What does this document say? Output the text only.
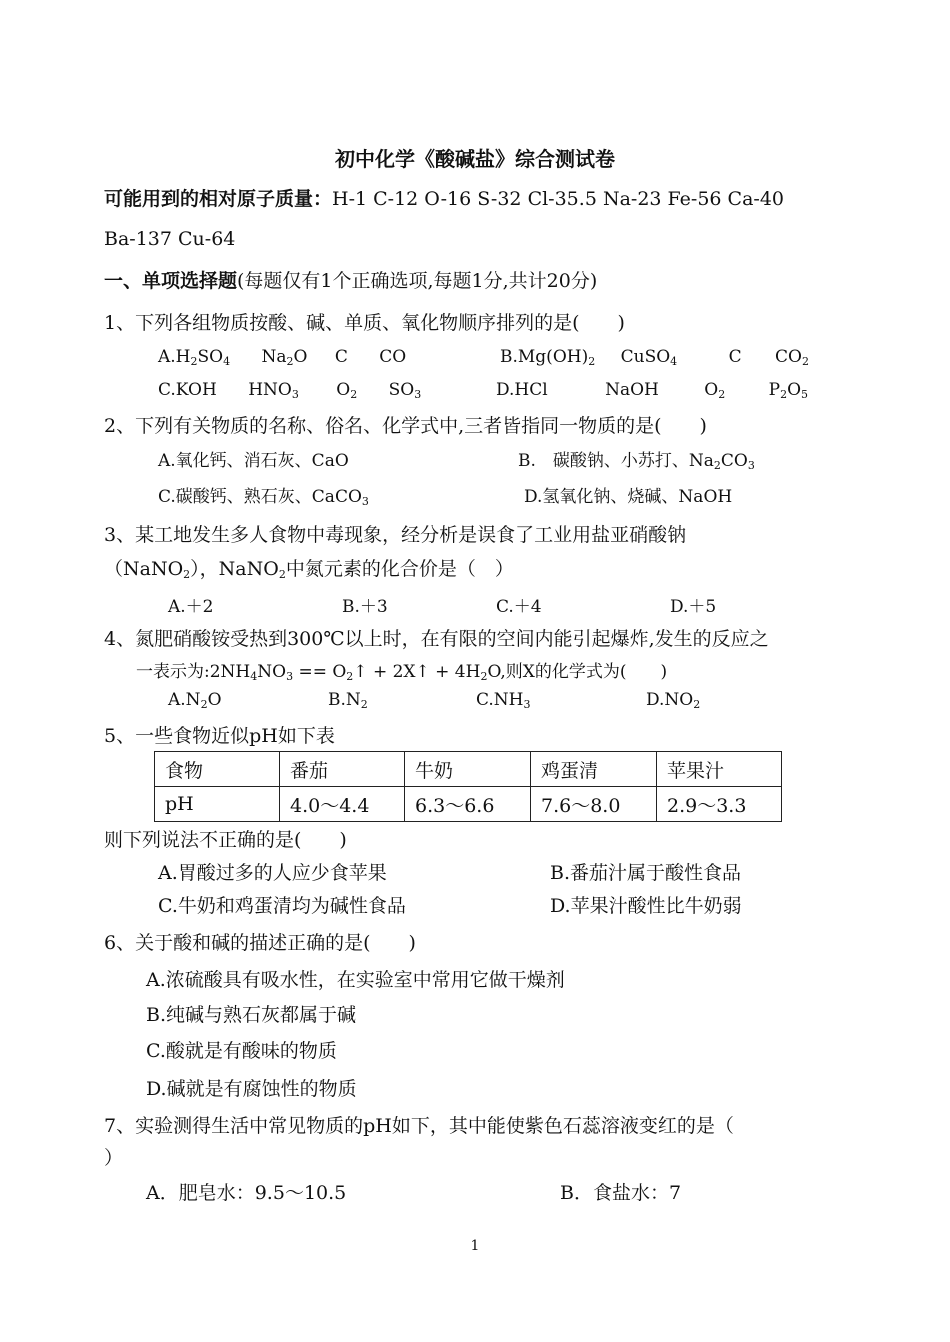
初中化学《酸碱盐》综合测试卷
可能用到的相对原子质量：H-1 C-12 O-16 S-32 Cl-35.5 Na-23 Fe-56 Ca-40
Ba-137 Cu-64
一、单项选择题(每题仅有1个正确选项,每题1分,共计20分)
1、下列各组物质按酸、碱、单质、氧化物顺序排列的是(　　)
$A.H_2SO_4$ $Na_2O$ C CO	$B.Mg(OH)_2$ CuSO$_4$	C $CO_2$
C.KOH $HNO_3$ $O_2$ $SO_3$	D.HCl	NaOH	$O_2$	$P_2O_5$
2、下列有关物质的名称、俗名、化学式中,三者皆指同一物质的是(　　)
A.氧化钙、消石灰、CaO	B.　碳酸钠、小苏打、$Na_2CO_3$
C.碳酸钙、熟石灰、CaCO$_3$	D.氢氧化钠、烧碱、NaOH
3、某工地发生多人食物中毒现象，经分析是误食了工业用盐亚硝酸钠
（NaNO$_2$），NaNO$_2$中氮元素的化合价是（　）
A.＋2	B.＋3	C.＋4	D.＋5
4、氮肥硝酸铵受热到300℃以上时，在有限的空间内能引起爆炸,发生的反应之
一表示为$:2NH_4NO_3$ == $O_2↑$ + 2X↑ + $4H_2O$,则X的化学式为(　　)
$A.N_2O$	$B.N_2$	$C.NH_3$	$D.NO_2$
5、一些食物近似pH如下表
食物	番茄	牛奶	鸡蛋清	苹果汁
pH	4.0～4.4	6.3～6.6	7.6～8.0	2.9～3.3
则下列说法不正确的是(　　)
A.胃酸过多的人应少食苹果	B.番茄汁属于酸性食品
C.牛奶和鸡蛋清均为碱性食品	D.苹果汁酸性比牛奶弱
6、关于酸和碱的描述正确的是(　　)
A.浓硫酸具有吸水性，在实验室中常用它做干燥剂
B.纯碱与熟石灰都属于碱
C.酸就是有酸味的物质
D.碱就是有腐蚀性的物质
7、实验测得生活中常见物质的pH如下，其中能使紫色石蕊溶液变红的是（
）
A．肥皂水：9.5～10.5	B．食盐水：7
1
